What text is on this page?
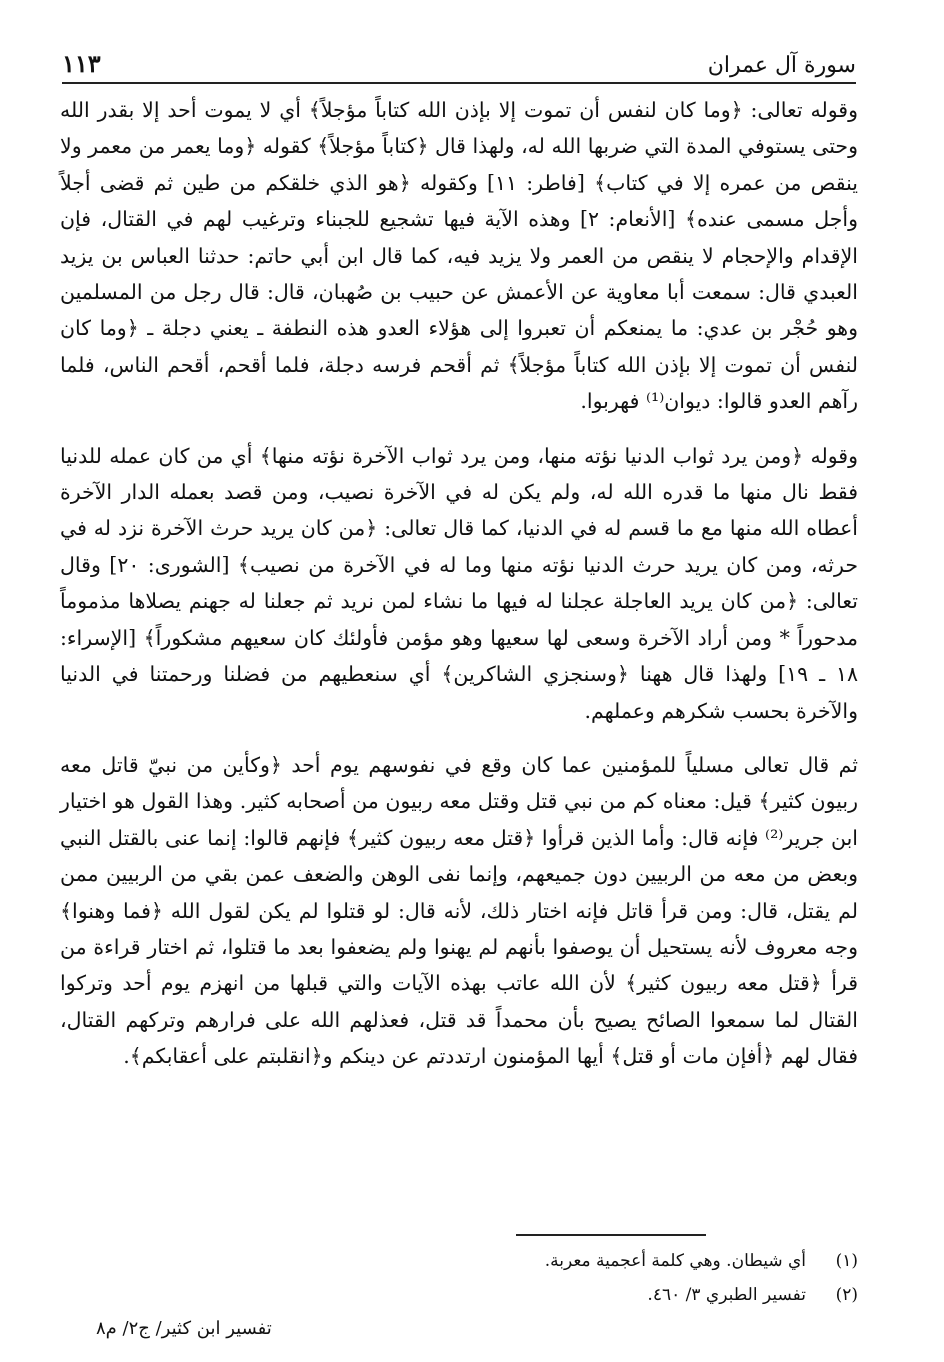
سورة آل عمران
١١٣

وقوله تعالى: ﴿وما كان لنفس أن تموت إلا بإذن الله كتاباً مؤجلاً﴾ أي لا يموت أحد إلا بقدر الله وحتى يستوفي المدة التي ضربها الله له، ولهذا قال ﴿كتاباً مؤجلاً﴾ كقوله ﴿وما يعمر من معمر ولا ينقص من عمره إلا في كتاب﴾ [فاطر: ١١] وكقوله ﴿هو الذي خلقكم من طين ثم قضى أجلاً وأجل مسمى عنده﴾ [الأنعام: ٢] وهذه الآية فيها تشجيع للجبناء وترغيب لهم في القتال، فإن الإقدام والإحجام لا ينقص من العمر ولا يزيد فيه، كما قال ابن أبي حاتم: حدثنا العباس بن يزيد العبدي قال: سمعت أبا معاوية عن الأعمش عن حبيب بن صُهبان، قال: قال رجل من المسلمين وهو حُجْر بن عدي: ما يمنعكم أن تعبروا إلى هؤلاء العدو هذه النطفة ـ يعني دجلة ـ ﴿وما كان لنفس أن تموت إلا بإذن الله كتاباً مؤجلاً﴾ ثم أقحم فرسه دجلة، فلما أقحم، أقحم الناس، فلما رآهم العدو قالوا: ديوان⁽¹⁾ فهربوا.

وقوله ﴿ومن يرد ثواب الدنيا نؤته منها، ومن يرد ثواب الآخرة نؤته منها﴾ أي من كان عمله للدنيا فقط نال منها ما قدره الله له، ولم يكن له في الآخرة نصيب، ومن قصد بعمله الدار الآخرة أعطاه الله منها مع ما قسم له في الدنيا، كما قال تعالى: ﴿من كان يريد حرث الآخرة نزد له في حرثه، ومن كان يريد حرث الدنيا نؤته منها وما له في الآخرة من نصيب﴾ [الشورى: ٢٠] وقال تعالى: ﴿من كان يريد العاجلة عجلنا له فيها ما نشاء لمن نريد ثم جعلنا له جهنم يصلاها مذموماً مدحوراً * ومن أراد الآخرة وسعى لها سعيها وهو مؤمن فأولئك كان سعيهم مشكوراً﴾ [الإسراء: ١٨ ـ ١٩] ولهذا قال ههنا ﴿وسنجزي الشاكرين﴾ أي سنعطيهم من فضلنا ورحمتنا في الدنيا والآخرة بحسب شكرهم وعملهم.

ثم قال تعالى مسلياً للمؤمنين عما كان وقع في نفوسهم يوم أحد ﴿وكأين من نبيّ قاتل معه ربيون كثير﴾ قيل: معناه كم من نبي قتل وقتل معه ربيون من أصحابه كثير. وهذا القول هو اختيار ابن جرير⁽²⁾ فإنه قال: وأما الذين قرأوا ﴿قتل معه ربيون كثير﴾ فإنهم قالوا: إنما عنى بالقتل النبي وبعض من معه من الربيين دون جميعهم، وإنما نفى الوهن والضعف عمن بقي من الربيين ممن لم يقتل، قال: ومن قرأ قاتل فإنه اختار ذلك، لأنه قال: لو قتلوا لم يكن لقول الله ﴿فما وهنوا﴾ وجه معروف لأنه يستحيل أن يوصفوا بأنهم لم يهنوا ولم يضعفوا بعد ما قتلوا، ثم اختار قراءة من قرأ ﴿قتل معه ربيون كثير﴾ لأن الله عاتب بهذه الآيات والتي قبلها من انهزم يوم أحد وتركوا القتال لما سمعوا الصائح يصيح بأن محمداً قد قتل، فعذلهم الله على فرارهم وتركهم القتال، فقال لهم ﴿أفإن مات أو قتل﴾ أيها المؤمنون ارتددتم عن دينكم و﴿انقلبتم على أعقابكم﴾.

(١)
أي شيطان. وهي كلمة أعجمية معربة.
(٢)
تفسير الطبري ٣/ ٤٦٠.
تفسير ابن كثير/ ج٢/ م٨
